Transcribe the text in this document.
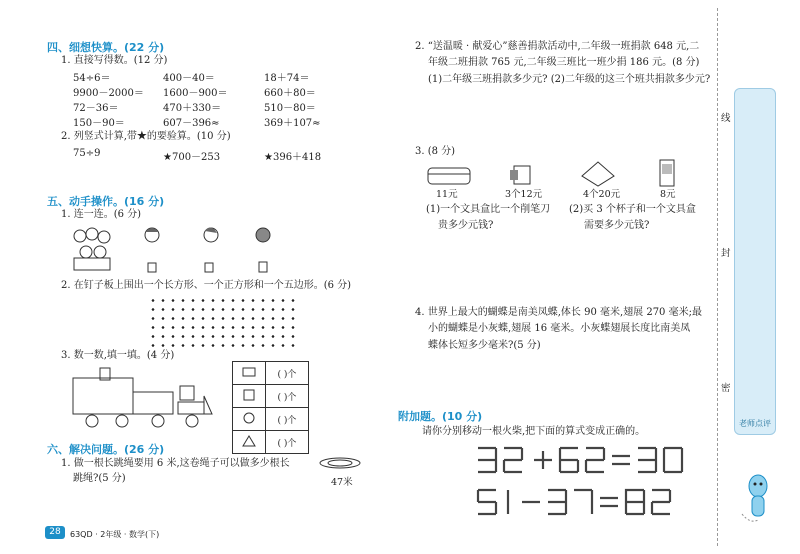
四、细想快算。(22 分)
1. 直接写得数。(12 分)
54÷6＝	400－40＝	18＋74＝
9900－2000＝ 1600－900＝	660＋80＝
72－36＝	470＋330＝	510－80＝
150－90＝	607－396≈	369＋107≈
2. 列竖式计算,带★的要验算。(10 分)
75÷9	★700－253	★396＋418
五、动手操作。(16 分)
1. 连一连。(6 分)
2. 在钉子板上围出一个长方形、一个正方形和一个五边形。(6 分)
3. 数一数,填一填。(4 分)
	( )个
	( )个
	( )个
	( )个
六、解决问题。(26 分)
1. 做一根长跳绳要用 6 米,这卷绳子可以做多少根长
跳绳?(5 分)	47米
28	63QD · 2年级 · 数学(下)
2. “送温暖 · 献爱心”慈善捐款活动中,二年级一班捐款 648 元,二
年级二班捐款 765 元,二年级三班比一班少捐 186 元。(8 分)
(1)二年级三班捐款多少元? (2)二年级的这三个班共捐款多少元?
3. (8 分)
11元	3个12元	4个20元	8元
(1)一个文具盒比一个削笔刀
贵多少元钱?
(2)买 3 个杯子和一个文具盒
需要多少元钱?
4. 世界上最大的蝴蝶是南美凤蝶,体长 90 毫米,翅展 270 毫米;最
小的蝴蝶是小灰蝶,翅展 16 毫米。小灰蝶翅展长度比南美凤
蝶体长短多少毫米?(5 分)
附加题。(10 分)
请你分别移动一根火柴,把下面的算式变成正确的。
线
封
密
老师点评
